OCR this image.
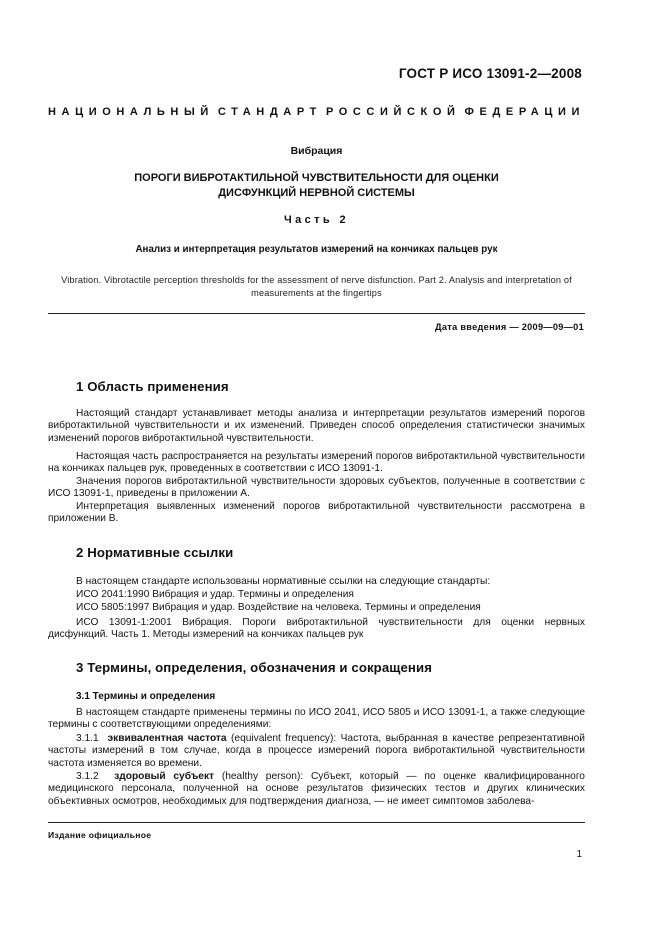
ГОСТ Р ИСО 13091-2—2008
НАЦИОНАЛЬНЫЙ СТАНДАРТ РОССИЙСКОЙ ФЕДЕРАЦИИ
Вибрация
ПОРОГИ ВИБРОТАКТИЛЬНОЙ ЧУВСТВИТЕЛЬНОСТИ ДЛЯ ОЦЕНКИ ДИСФУНКЦИЙ НЕРВНОЙ СИСТЕМЫ
Часть 2
Анализ и интерпретация результатов измерений на кончиках пальцев рук
Vibration. Vibrotactile perception thresholds for the assessment of nerve disfunction. Part 2. Analysis and interpretation of measurements at the fingertips
Дата введения — 2009—09—01
1 Область применения
Настоящий стандарт устанавливает методы анализа и интерпретации результатов измерений порогов вибротактильной чувствительности и их изменений. Приведен способ определения статистически значимых изменений порогов вибротактильной чувствительности.
Настоящая часть распространяется на результаты измерений порогов вибротактильной чувствительности на кончиках пальцев рук, проведенных в соответствии с ИСО 13091-1.
Значения порогов вибротактильной чувствительности здоровых субъектов, полученные в соответствии с ИСО 13091-1, приведены в приложении А.
Интерпретация выявленных изменений порогов вибротактильной чувствительности рассмотрена в приложении В.
2 Нормативные ссылки
В настоящем стандарте использованы нормативные ссылки на следующие стандарты:
ИСО 2041:1990 Вибрация и удар. Термины и определения
ИСО 5805:1997 Вибрация и удар. Воздействие на человека. Термины и определения
ИСО 13091-1:2001 Вибрация. Пороги вибротактильной чувствительности для оценки нервных дисфункций. Часть 1. Методы измерений на кончиках пальцев рук
3 Термины, определения, обозначения и сокращения
3.1 Термины и определения
В настоящем стандарте применены термины по ИСО 2041, ИСО 5805 и ИСО 13091-1, а также следующие термины с соответствующими определениями:
3.1.1 эквивалентная частота (equivalent frequency): Частота, выбранная в качестве репрезентативной частоты измерений в том случае, когда в процессе измерений порога вибротактильной чувствительности частота изменяется во времени.
3.1.2 здоровый субъект (healthy person): Субъект, который — по оценке квалифицированного медицинского персонала, полученной на основе результатов физических тестов и других клинических объективных осмотров, необходимых для подтверждения диагноза, — не имеет симптомов заболева-
Издание официальное
1
